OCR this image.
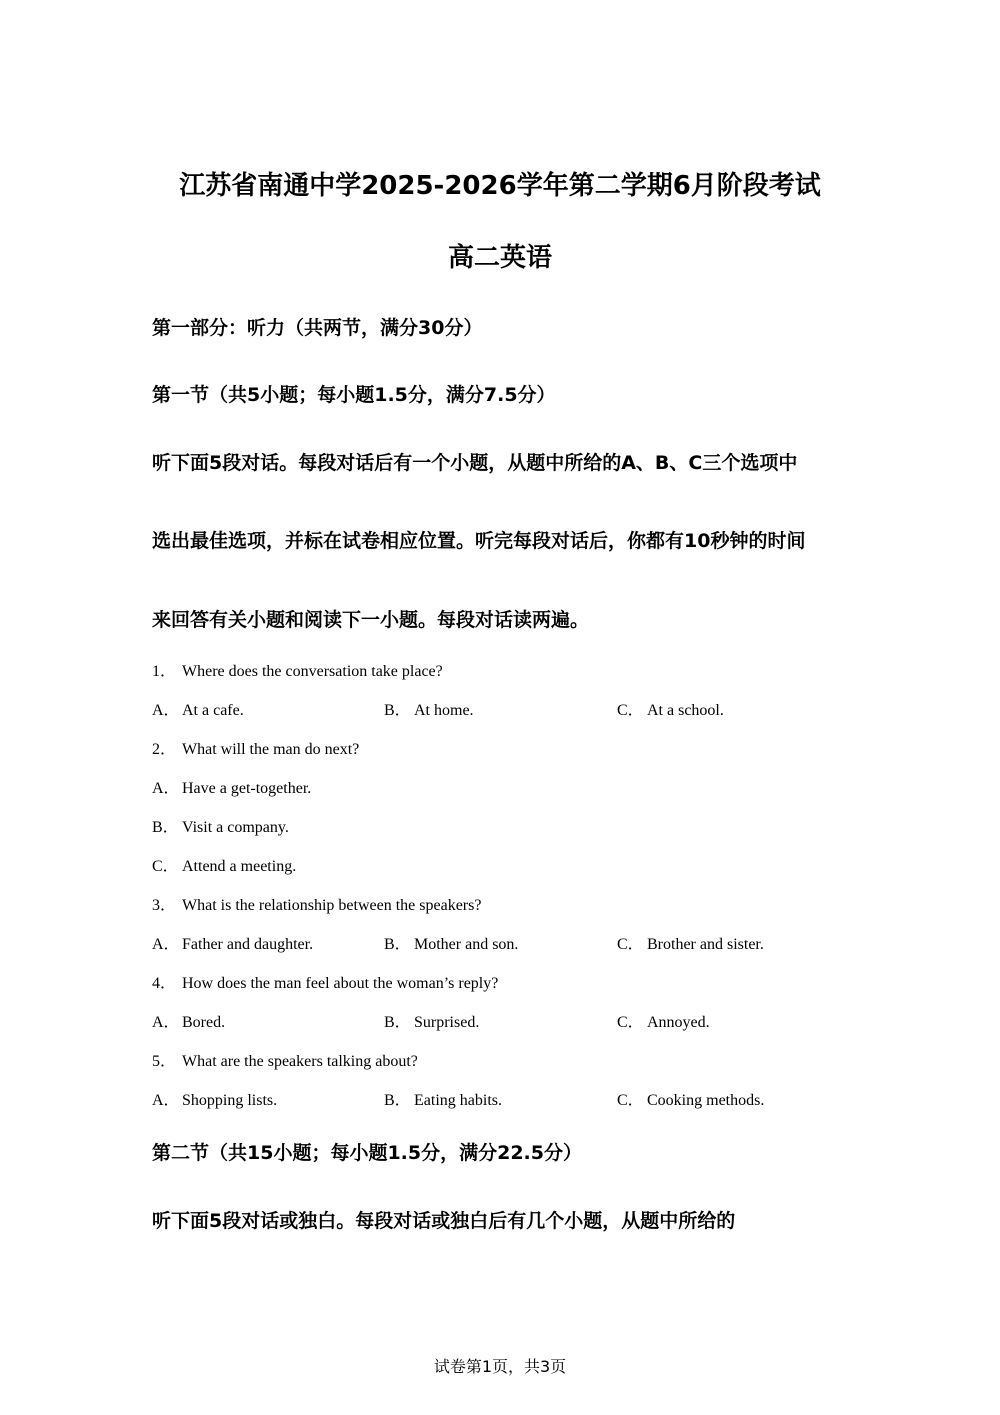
江苏省南通中学2025-2026学年第二学期6月阶段考试
高二英语
第一部分：听力（共两节，满分30分）
第一节（共5小题；每小题1.5分，满分7.5分）
听下面5段对话。每段对话后有一个小题，从题中所给的A、B、C三个选项中
选出最佳选项，并标在试卷相应位置。听完每段对话后，你都有10秒钟的时间
来回答有关小题和阅读下一小题。每段对话读两遍。
1． Where does the conversation take place?
A． At a cafe.	B． At home.	C． At a school.
2． What will the man do next?
A． Have a get-together.
B． Visit a company.
C． Attend a meeting.
3． What is the relationship between the speakers?
A． Father and daughter.	B． Mother and son.	C． Brother and sister.
4． How does the man feel about the woman’s reply?
A． Bored.	B． Surprised.	C． Annoyed.
5． What are the speakers talking about?
A． Shopping lists.	B． Eating habits.	C． Cooking methods.
第二节（共15小题；每小题1.5分，满分22.5分）
听下面5段对话或独白。每段对话或独白后有几个小题，从题中所给的
试卷第1页，共3页
